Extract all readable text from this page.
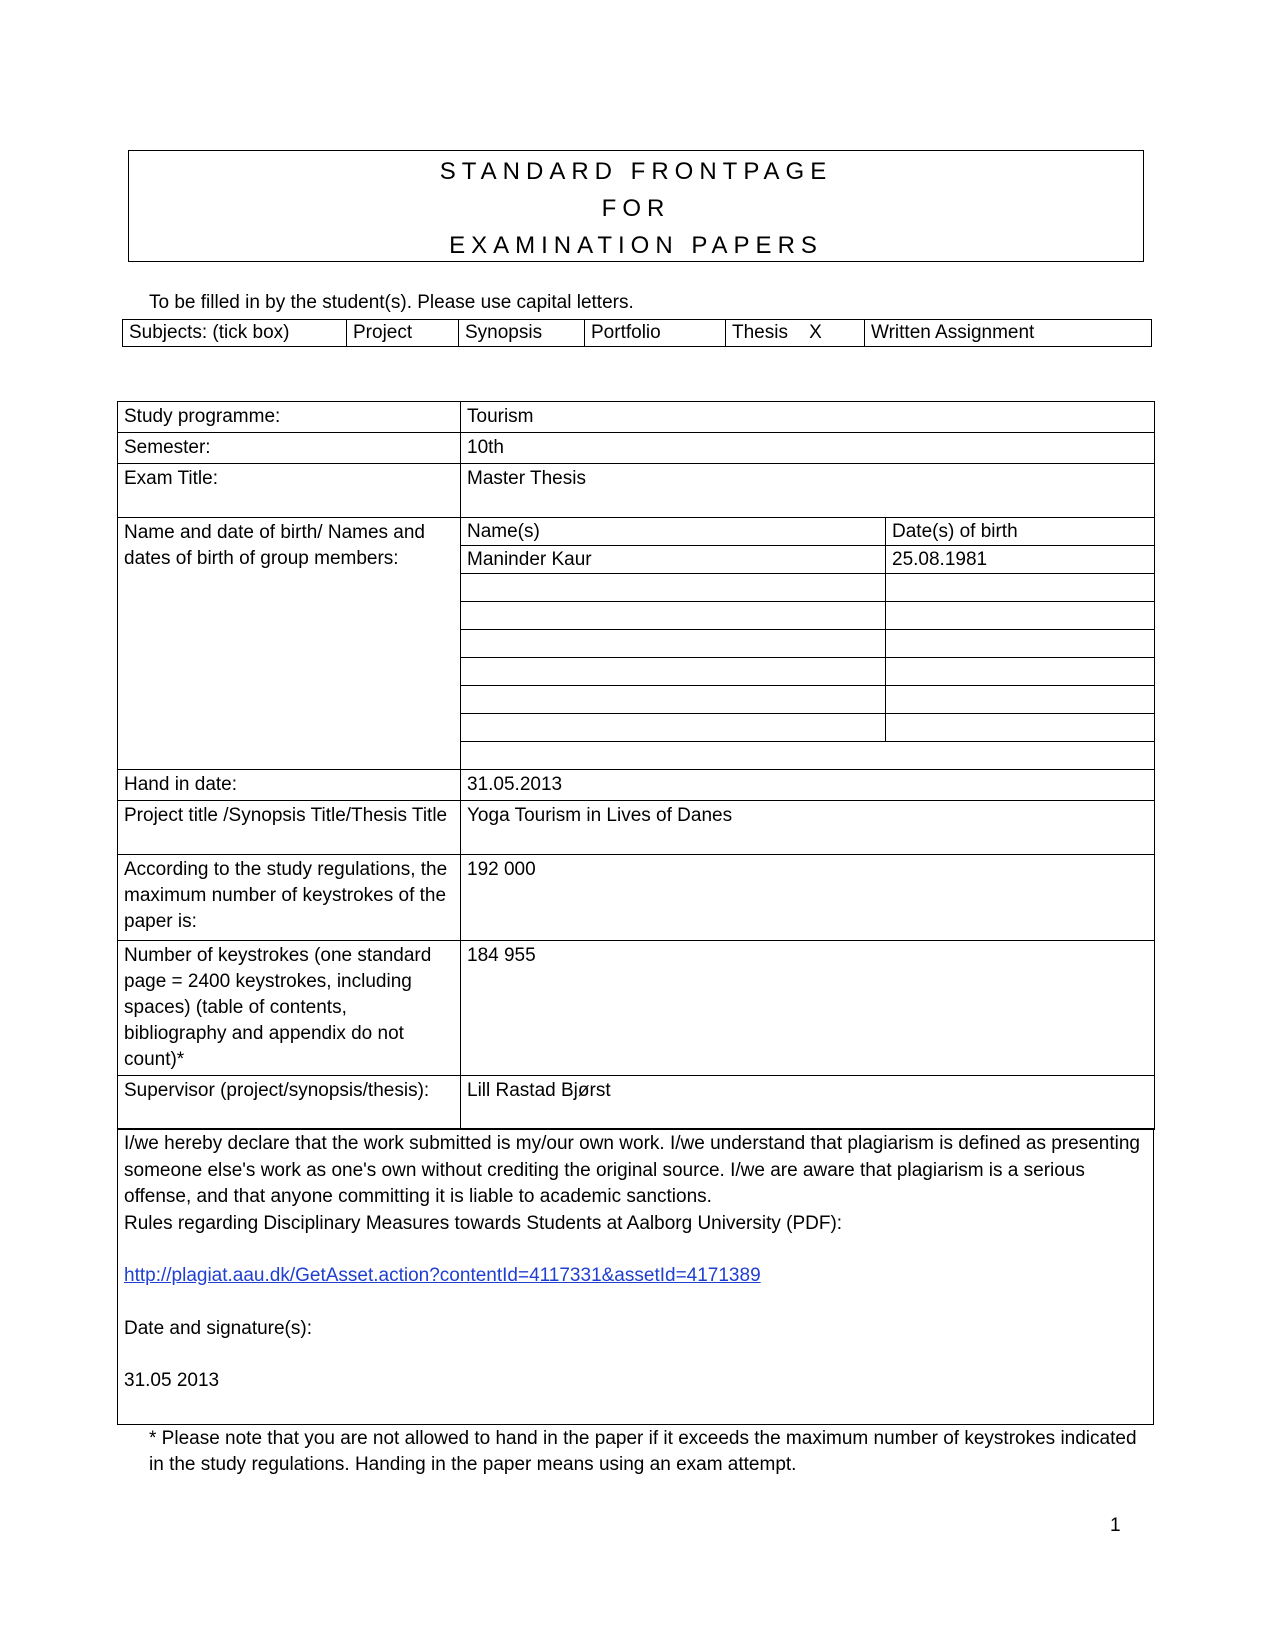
STANDARD FRONTPAGE
FOR
EXAMINATION PAPERS
To be filled in by the student(s). Please use capital letters.
Subjects: (tick box)	Project	Synopsis	Portfolio	Thesis    X	Written Assignment
Study programme:	Tourism
Semester:	10th
Exam Title:	Master Thesis
Name and date of birth/ Names and dates of birth of group members:	
Name(s)	Date(s) of birth
Maninder Kaur	25.08.1981

Hand in date:	31.05.2013
Project title /Synopsis Title/Thesis Title	Yoga Tourism in Lives of Danes
According to the study regulations, the maximum number of keystrokes of the paper is:	192 000
Number of keystrokes (one standard page = 2400 keystrokes, including spaces) (table of contents, bibliography and appendix do not count)*	184 955
Supervisor (project/synopsis/thesis):	Lill Rastad Bjørst

I/we hereby declare that the work submitted is my/our own work. I/we understand that plagiarism is defined as presenting someone else's work as one's own without crediting the original source. I/we are aware that plagiarism is a serious offense, and that anyone committing it is liable to academic sanctions.

Rules regarding Disciplinary Measures towards Students at Aalborg University (PDF):

http://plagiat.aau.dk/GetAsset.action?contentId=4117331&assetId=4171389

Date and signature(s):

31.05 2013

* Please note that you are not allowed to hand in the paper if it exceeds the maximum number of keystrokes indicated in the study regulations. Handing in the paper means using an exam attempt.
1
